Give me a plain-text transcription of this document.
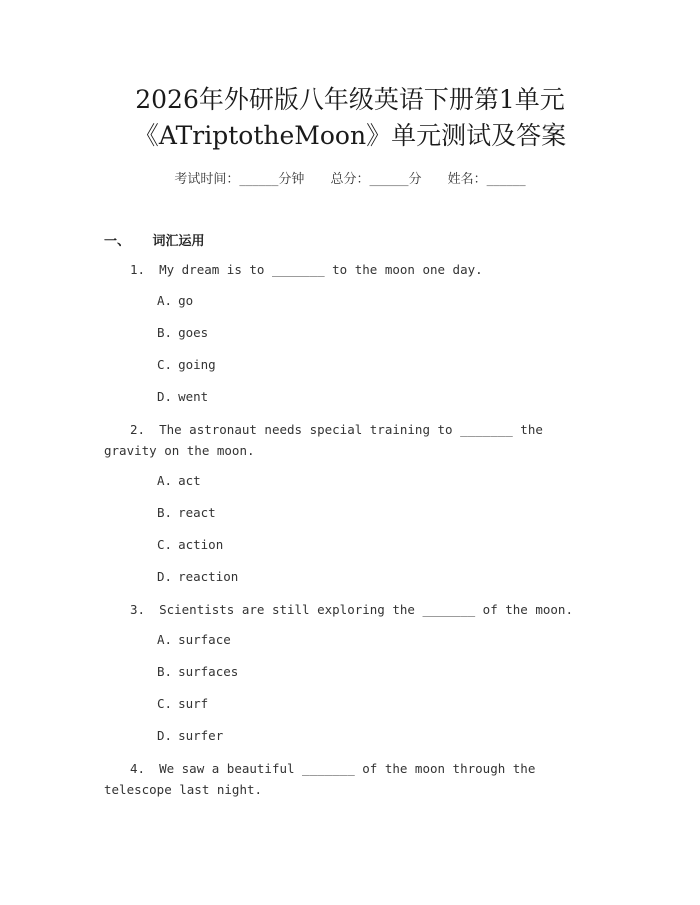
2026年外研版八年级英语下册第1单元
《ATriptotheMoon》单元测试及答案
考试时间：______分钟 总分：______分 姓名：______
一、 词汇运用
1. My dream is to _______ to the moon one day.
A. go
B. goes
C. going
D. went
2. The astronaut needs special training to _______ the gravity on the moon.
A. act
B. react
C. action
D. reaction
3. Scientists are still exploring the _______ of the moon.
A. surface
B. surfaces
C. surf
D. surfer
4. We saw a beautiful _______ of the moon through the telescope last night.
